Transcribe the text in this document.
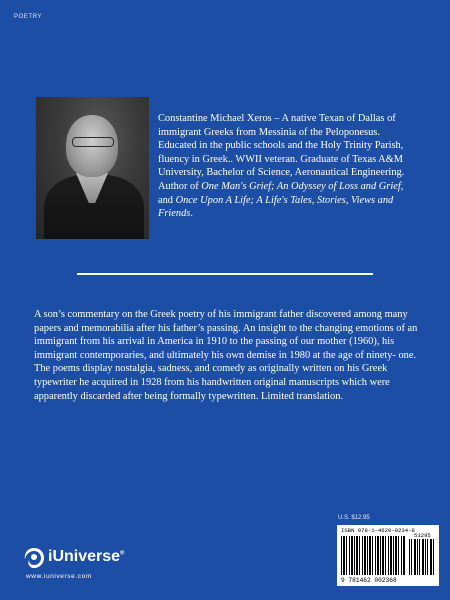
POETRY

Constantine Michael Xeros – A native Texan of Dallas of immigrant Greeks from Messinia of the Peloponesus. Educated in the public schools and the Holy Trinity Parish, fluency in Greek.. WWII veteran. Graduate of Texas A&M University, Bachelor of Science, Aeronautical Engineering. Author of One Man's Grief; An Odyssey of Loss and Grief, and Once Upon A Life; A Life's Tales, Stories, Views and Friends.

A son’s commentary on the Greek poetry of his immigrant father discovered among many papers and memorabilia after his father’s passing. An insight to the changing emotions of an immigrant from his arrival in America in 1910 to the passing of our mother (1960), his immigrant contemporaries, and ultimately his own demise in 1980 at the age of ninety- one. The poems display nostalgia, sadness, and comedy as originally written on his Greek typewriter he acquired in 1928 from his handwritten original manuscripts which were apparently discarded after being formally typewritten. Limited translation.

iUniverse®
www.iuniverse.com
U.S. $12.95
ISBN 978-1-4620-0234-8
51295
9 781462 002368
